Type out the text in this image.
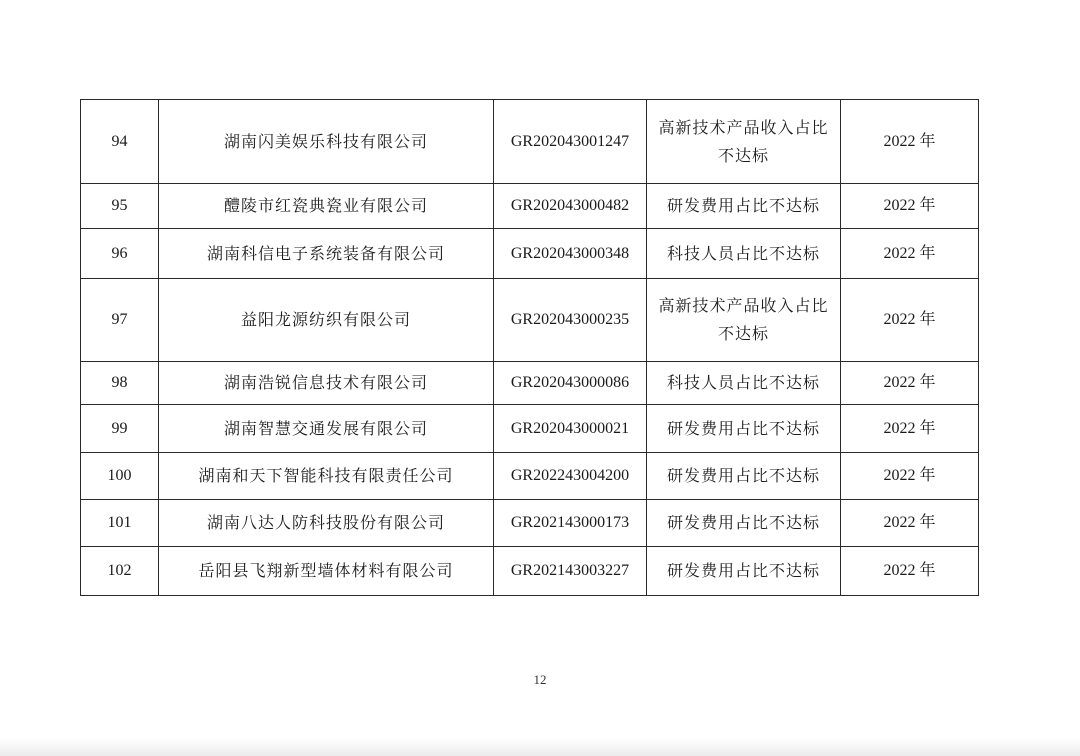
94	湖南闪美娱乐科技有限公司	GR202043001247	高新技术产品收入占比不达标	2022 年
95	醴陵市红瓷典瓷业有限公司	GR202043000482	研发费用占比不达标	2022 年
96	湖南科信电子系统装备有限公司	GR202043000348	科技人员占比不达标	2022 年
97	益阳龙源纺织有限公司	GR202043000235	高新技术产品收入占比不达标	2022 年
98	湖南浩锐信息技术有限公司	GR202043000086	科技人员占比不达标	2022 年
99	湖南智慧交通发展有限公司	GR202043000021	研发费用占比不达标	2022 年
100	湖南和天下智能科技有限责任公司	GR202243004200	研发费用占比不达标	2022 年
101	湖南八达人防科技股份有限公司	GR202143000173	研发费用占比不达标	2022 年
102	岳阳县飞翔新型墙体材料有限公司	GR202143003227	研发费用占比不达标	2022 年
12
